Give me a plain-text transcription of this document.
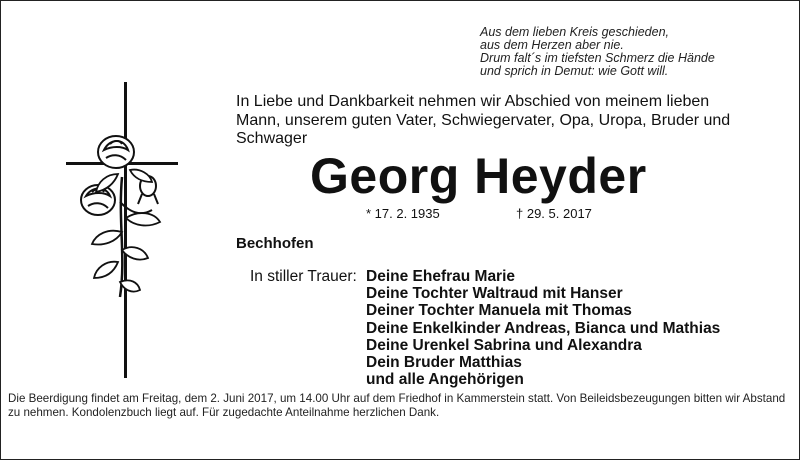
Aus dem lieben Kreis geschieden,
aus dem Herzen aber nie.
Drum falt´s im tiefsten Schmerz die Hände
und sprich in Demut: wie Gott will.
In Liebe und Dankbarkeit nehmen wir Abschied von meinem lieben Mann, unserem guten Vater, Schwiegervater, Opa, Uropa, Bruder und Schwager
Georg Heyder
* 17. 2. 1935	† 29. 5. 2017
Bechhofen
In stiller Trauer: Deine Ehefrau Marie
Deine Tochter Waltraud mit Hanser
Deiner Tochter Manuela mit Thomas
Deine Enkelkinder Andreas, Bianca und Mathias
Deine Urenkel Sabrina und Alexandra
Dein Bruder Matthias
und alle Angehörigen
Die Beerdigung findet am Freitag, dem 2. Juni 2017, um 14.00 Uhr auf dem Friedhof in Kammerstein statt. Von Beileidsbezeugungen bitten wir Abstand zu nehmen. Kondolenzbuch liegt auf. Für zugedachte Anteilnahme herzlichen Dank.
